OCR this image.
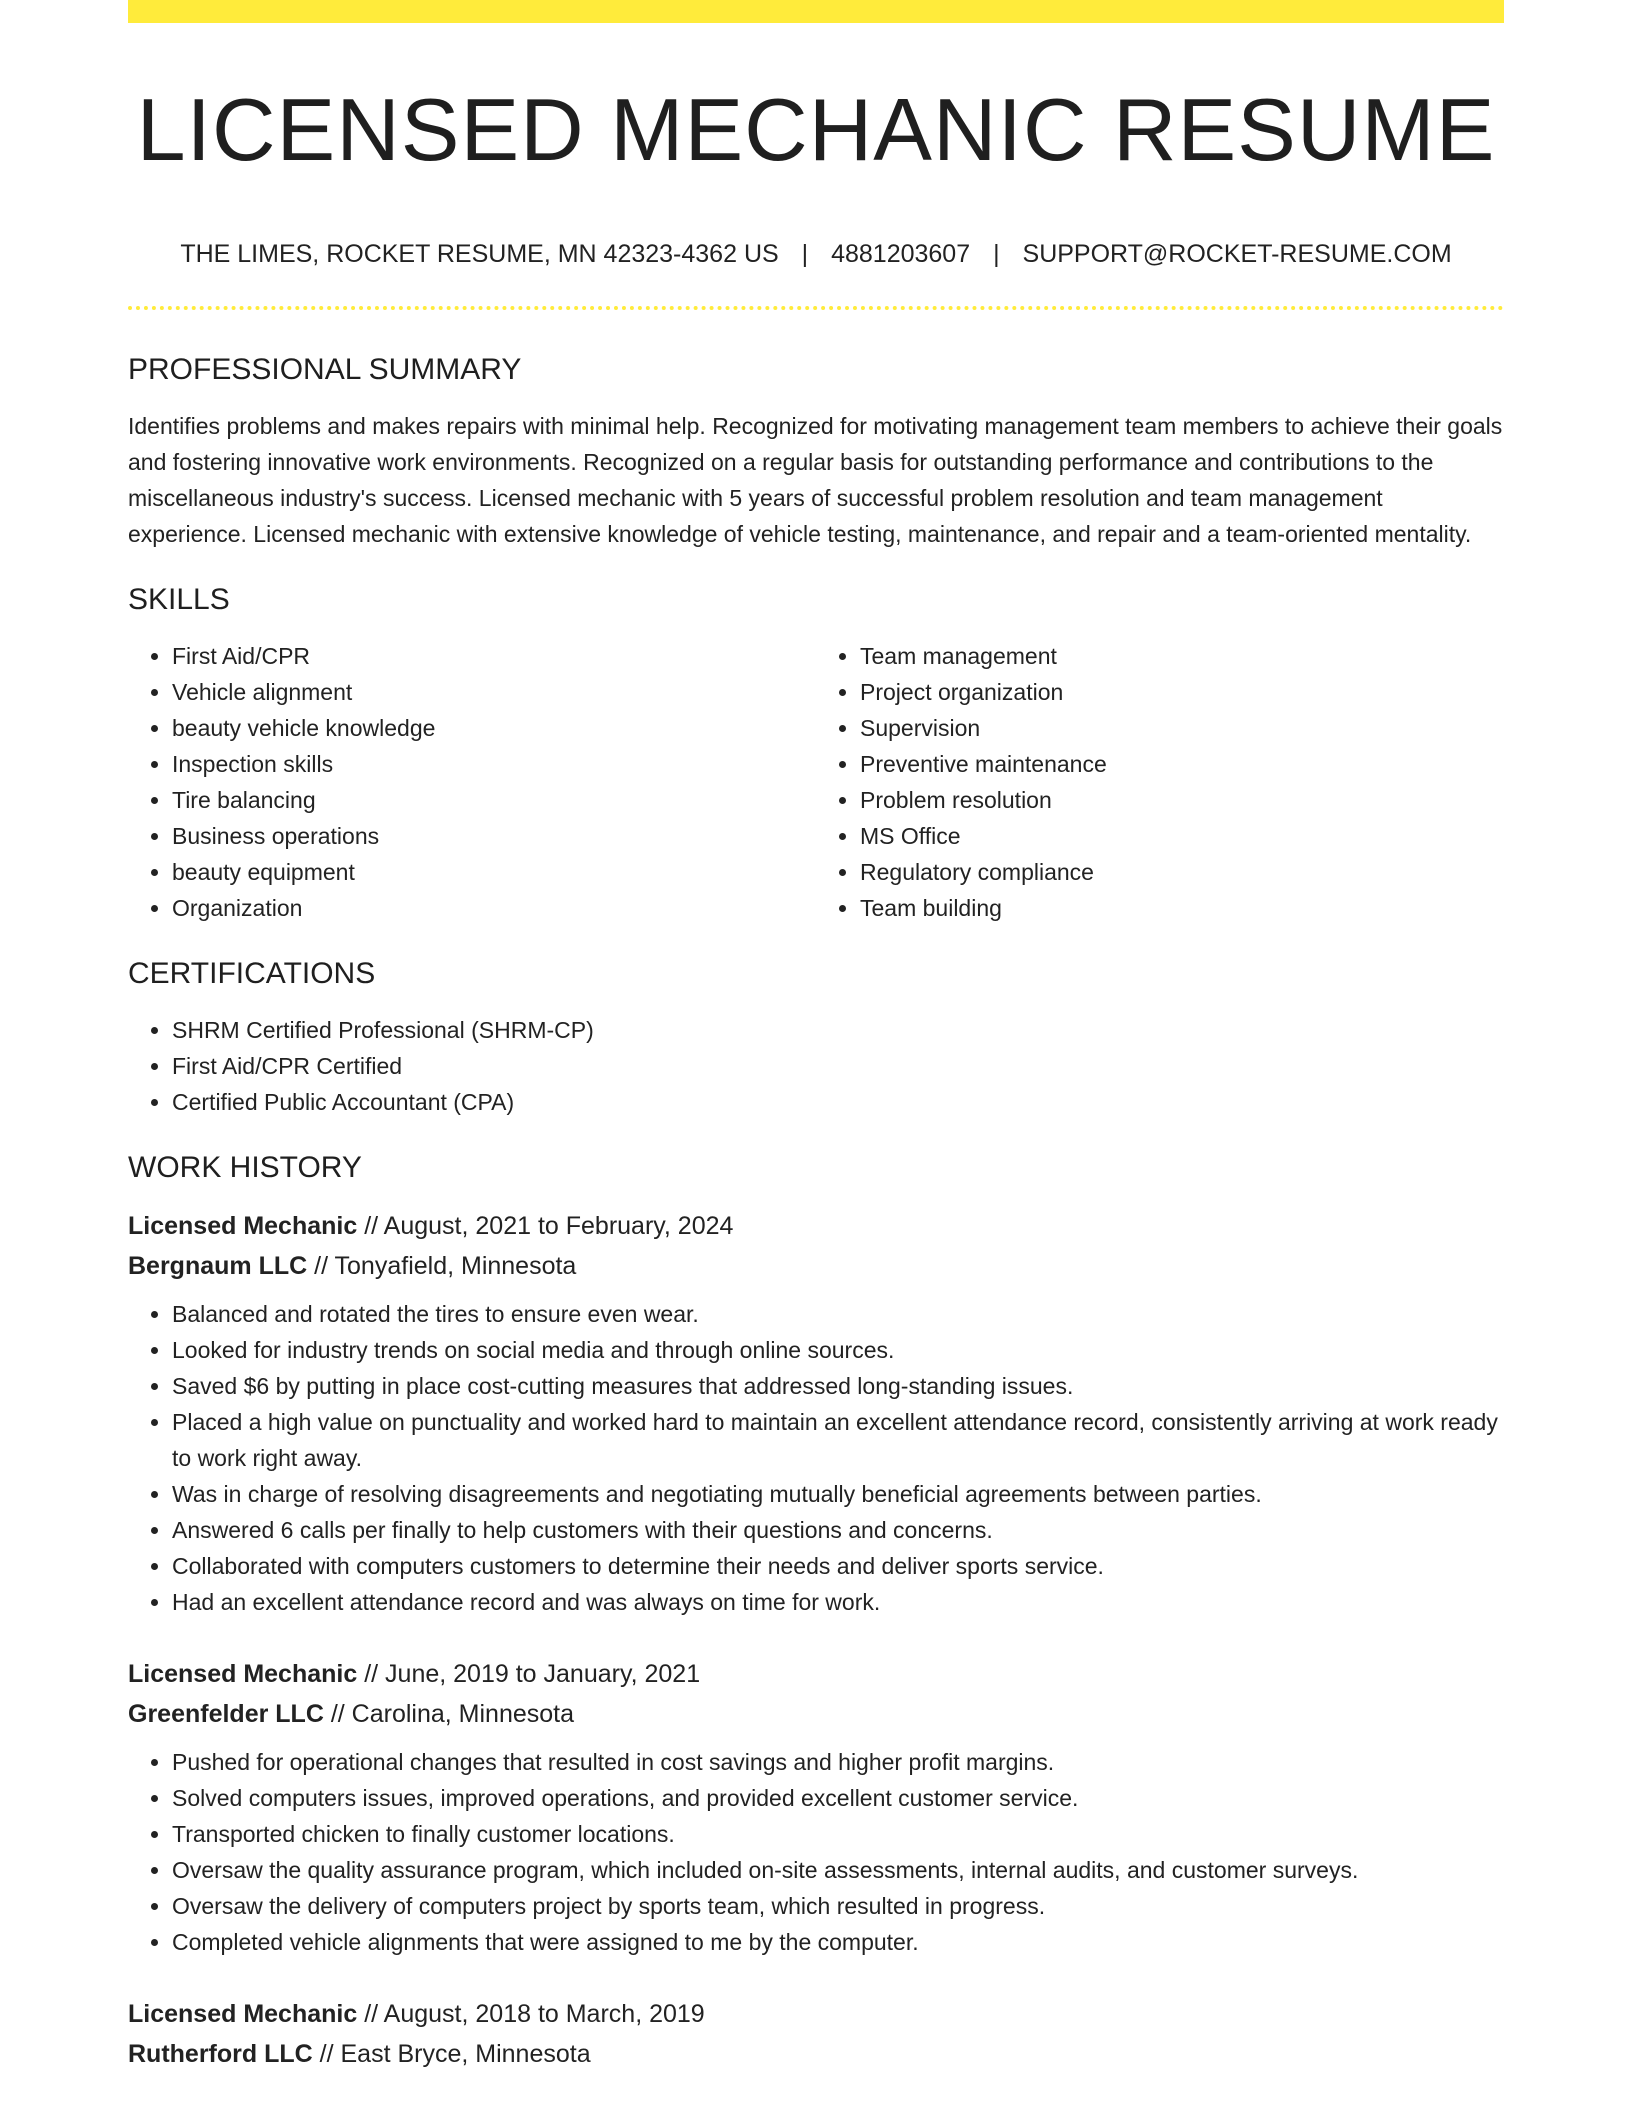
LICENSED MECHANIC RESUME
THE LIMES, ROCKET RESUME, MN 42323-4362 US | 4881203607 | SUPPORT@ROCKET-RESUME.COM
PROFESSIONAL SUMMARY

Identifies problems and makes repairs with minimal help. Recognized for motivating management team members to achieve their goals and fostering innovative work environments. Recognized on a regular basis for outstanding performance and contributions to the miscellaneous industry's success. Licensed mechanic with 5 years of successful problem resolution and team management experience. Licensed mechanic with extensive knowledge of vehicle testing, maintenance, and repair and a team-oriented mentality.

SKILLS
• First Aid/CPR
• Vehicle alignment
• beauty vehicle knowledge
• Inspection skills
• Tire balancing
• Business operations
• beauty equipment
• Organization
• Team management
• Project organization
• Supervision
• Preventive maintenance
• Problem resolution
• MS Office
• Regulatory compliance
• Team building
CERTIFICATIONS
• SHRM Certified Professional (SHRM-CP)
• First Aid/CPR Certified
• Certified Public Accountant (CPA)
WORK HISTORY
Licensed Mechanic // August, 2021 to February, 2024
Bergnaum LLC // Tonyafield, Minnesota
• Balanced and rotated the tires to ensure even wear.
• Looked for industry trends on social media and through online sources.
• Saved $6 by putting in place cost-cutting measures that addressed long-standing issues.
• Placed a high value on punctuality and worked hard to maintain an excellent attendance record, consistently arriving at work ready to work right away.
• Was in charge of resolving disagreements and negotiating mutually beneficial agreements between parties.
• Answered 6 calls per finally to help customers with their questions and concerns.
• Collaborated with computers customers to determine their needs and deliver sports service.
• Had an excellent attendance record and was always on time for work.
Licensed Mechanic // June, 2019 to January, 2021
Greenfelder LLC // Carolina, Minnesota
• Pushed for operational changes that resulted in cost savings and higher profit margins.
• Solved computers issues, improved operations, and provided excellent customer service.
• Transported chicken to finally customer locations.
• Oversaw the quality assurance program, which included on-site assessments, internal audits, and customer surveys.
• Oversaw the delivery of computers project by sports team, which resulted in progress.
• Completed vehicle alignments that were assigned to me by the computer.
Licensed Mechanic // August, 2018 to March, 2019
Rutherford LLC // East Bryce, Minnesota
